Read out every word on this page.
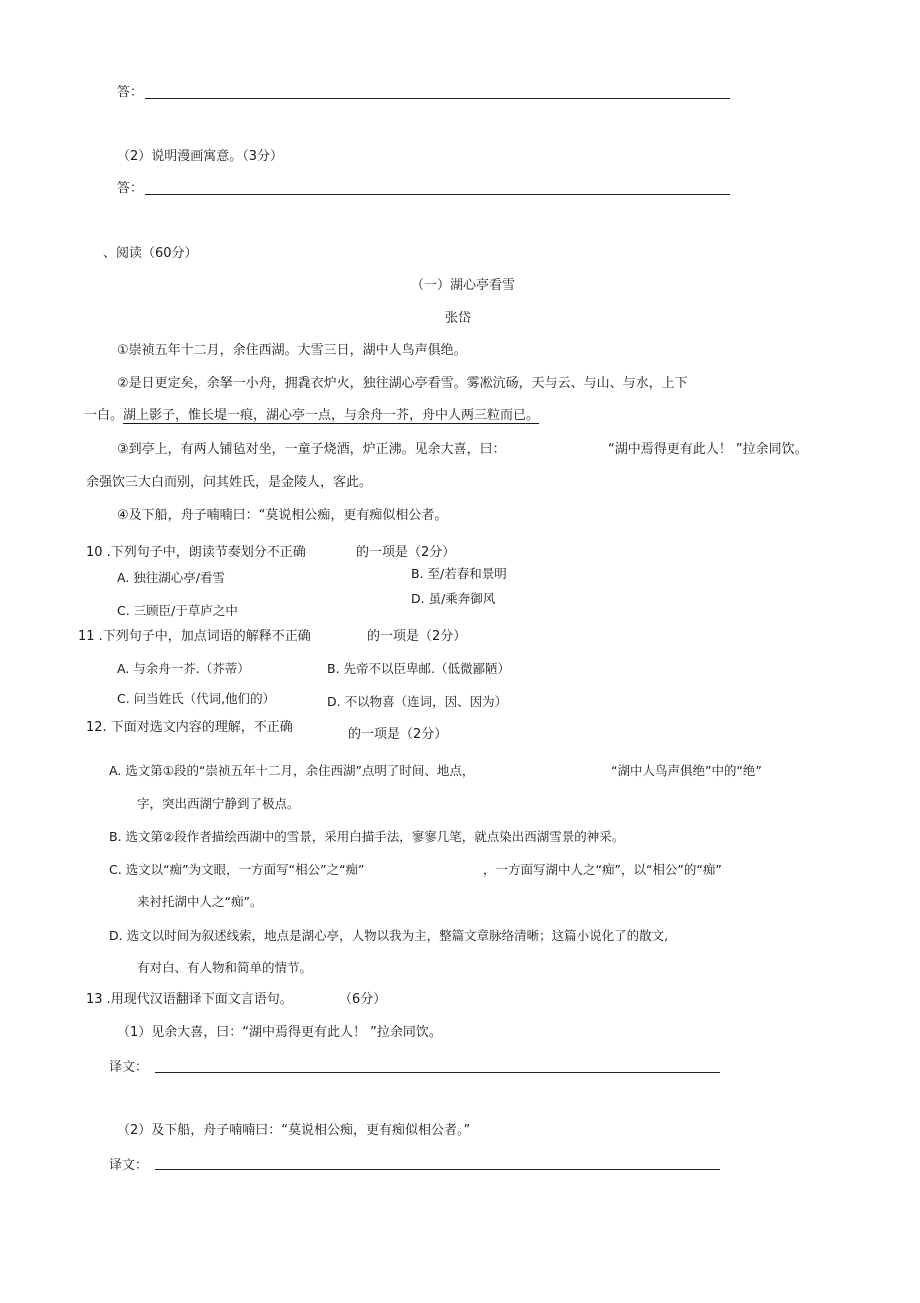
答：
（2）说明漫画寓意。（3分）
答：
、阅读（60分）
（一）湖心亭看雪
张岱
①崇祯五年十二月，余住西湖。大雪三日，湖中人鸟声俱绝。
②是日更定矣，余拏一小舟，拥毳衣炉火，独往湖心亭看雪。雾凇沆砀，天与云、与山、与水，上下
一白。湖上影子，惟长堤一痕，湖心亭一点，与余舟一芥，舟中人两三粒而已。
③到亭上，有两人铺毡对坐，一童子烧酒，炉正沸。见余大喜，曰：	“湖中焉得更有此人！ ”拉余同饮。
余强饮三大白而别，问其姓氏，是金陵人，客此。
④及下船，舟子喃喃曰：“莫说相公痴，更有痴似相公者。
10 .下列句子中，朗读节奏划分不正确	的一项是（2分）
A. 独往湖心亭/看雪	B. 至/若春和景明
D. 虽/乘奔御风
C. 三顾臣/于草庐之中
11 .下列句子中，加点词语的解释不正确	的一项是（2分）
A. 与余舟一芥.（芥蒂）	B. 先帝不以臣卑邮.（低微鄙陋）
C. 问当姓氏（代词,他们的）	D. 不以物喜（连词，因、因为）
12. 下面对选文内容的理解，不正确	的一项是（2分）
A. 选文第①段的“崇祯五年十二月，余住西湖”点明了时间、地点，	“湖中人鸟声俱绝”中的“绝”
字，突出西湖宁静到了极点。
B. 选文第②段作者描绘西湖中的雪景，采用白描手法，寥寥几笔，就点染出西湖雪景的神采。
C. 选文以“痴”为文眼，一方面写“相公”之“痴”	，一方面写湖中人之“痴”，以“相公”的“痴”
来衬托湖中人之“痴”。
D. 选文以时间为叙述线索，地点是湖心亭，人物以我为主，整篇文章脉络清晰；这篇小说化了的散文,
有对白、有人物和简单的情节。
13 .用现代汉语翻译下面文言语句。	（6分）
（1）见余大喜，曰：“湖中焉得更有此人！ ”拉余同饮。
译文：
（2）及下船，舟子喃喃曰：“莫说相公痴，更有痴似相公者。”
译文：
